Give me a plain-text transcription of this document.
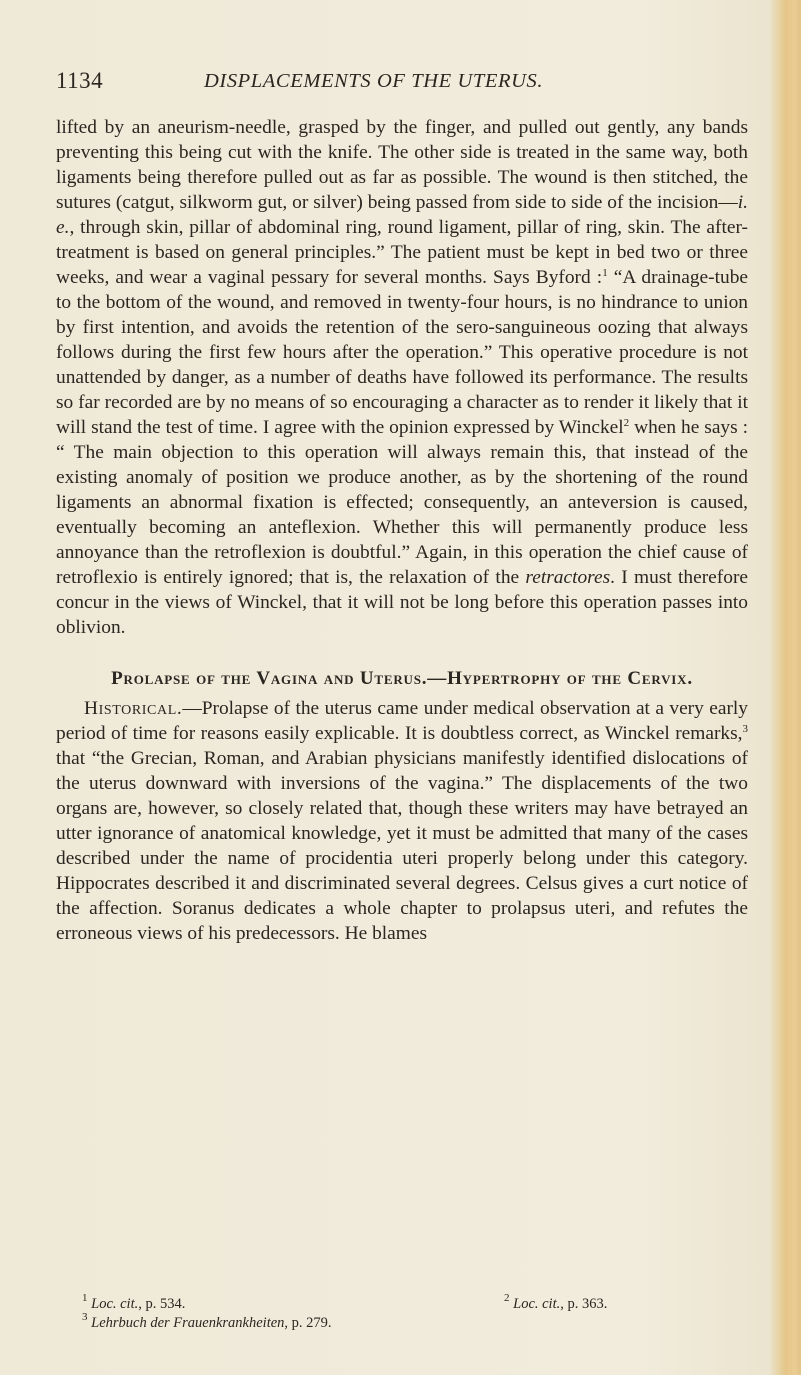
1134	DISPLACEMENTS OF THE UTERUS.

lifted by an aneurism-needle, grasped by the finger, and pulled out gently, any bands preventing this being cut with the knife. The other side is treated in the same way, both ligaments being therefore pulled out as far as possible. The wound is then stitched, the sutures (catgut, silkworm gut, or silver) being passed from side to side of the incision—i. e., through skin, pillar of abdominal ring, round ligament, pillar of ring, skin. The after-treatment is based on general principles.” The patient must be kept in bed two or three weeks, and wear a vaginal pessary for several months. Says Byford :$^1$ “A drainage-tube to the bottom of the wound, and removed in twenty-four hours, is no hindrance to union by first intention, and avoids the retention of the sero-sanguineous oozing that always follows during the first few hours after the operation.” This operative procedure is not unattended by danger, as a number of deaths have followed its performance. The results so far recorded are by no means of so encouraging a character as to render it likely that it will stand the test of time. I agree with the opinion expressed by Winckel$^2$ when he says : “ The main objection to this operation will always remain this, that instead of the existing anomaly of position we produce another, as by the shortening of the round ligaments an abnormal fixation is effected; consequently, an anteversion is caused, eventually becoming an anteflexion. Whether this will permanently produce less annoyance than the retroflexion is doubtful.” Again, in this operation the chief cause of retroflexio is entirely ignored; that is, the relaxation of the retractores. I must therefore concur in the views of Winckel, that it will not be long before this operation passes into oblivion.

Prolapse of the Vagina and Uterus.—Hypertrophy of the Cervix.

Historical.—Prolapse of the uterus came under medical observation at a very early period of time for reasons easily explicable. It is doubtless correct, as Winckel remarks,$^3$ that “the Grecian, Roman, and Arabian physicians manifestly identified dislocations of the uterus downward with inversions of the vagina.” The displacements of the two organs are, however, so closely related that, though these writers may have betrayed an utter ignorance of anatomical knowledge, yet it must be admitted that many of the cases described under the name of procidentia uteri properly belong under this category. Hippocrates described it and discriminated several degrees. Celsus gives a curt notice of the affection. Soranus dedicates a whole chapter to prolapsus uteri, and refutes the erroneous views of his predecessors. He blames

$^1$ Loc. cit., p. 534.	$^2$ Loc. cit., p. 363.
$^3$ Lehrbuch der Frauenkrankheiten, p. 279.
